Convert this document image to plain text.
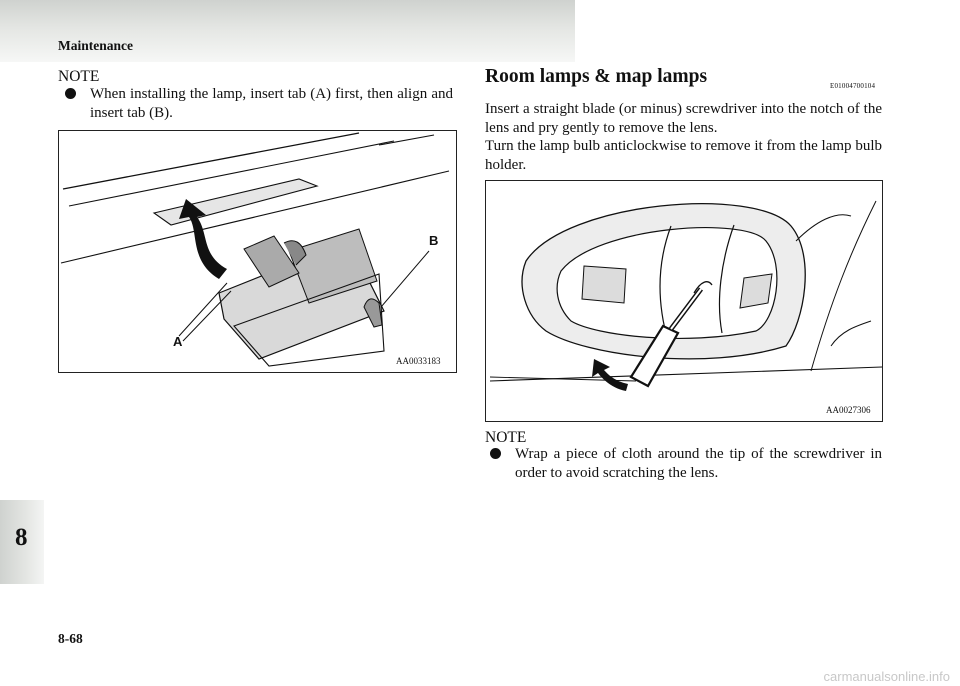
Maintenance
8
NOTE
When installing the lamp, insert tab (A) first, then align and insert tab (B).
B
A
AA0033183
Room lamps & map lamps	E01004700104
Insert a straight blade (or minus) screwdriver into the notch of the lens and pry gently to remove the lens.
Turn the lamp bulb anticlockwise to remove it from the lamp bulb holder.
AA0027306
NOTE
Wrap a piece of cloth around the tip of the screwdriver in order to avoid scratching the lens.
8-68
carmanualsonline.info
